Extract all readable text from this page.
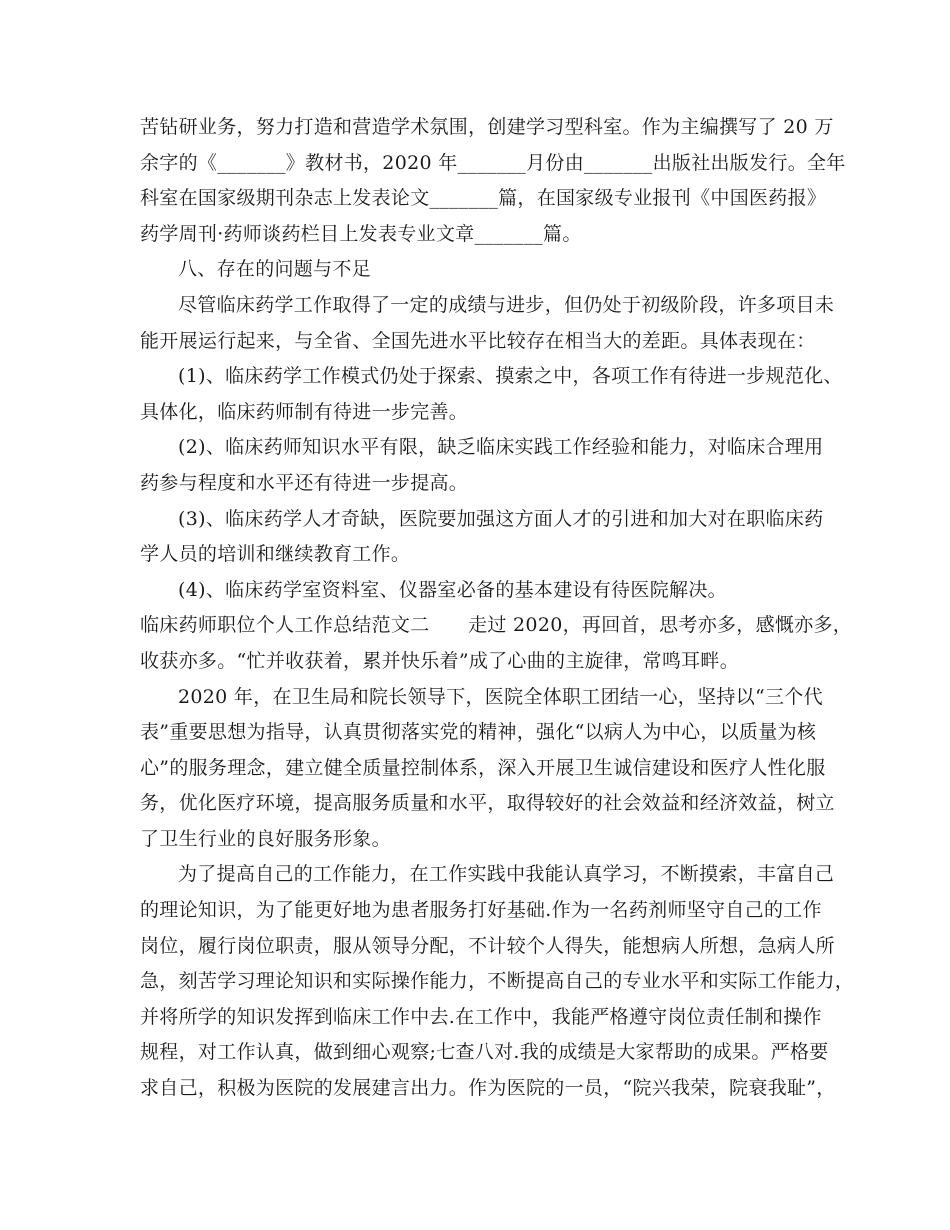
苦钻研业务，努力打造和营造学术氛围，创建学习型科室。作为主编撰写了 20 万
余字的《_______》教材书，2020 年_______月份由_______出版社出版发行。全年
科室在国家级期刊杂志上发表论文_______篇，在国家级专业报刊《中国医药报》
药学周刊·药师谈药栏目上发表专业文章_______篇。
八、存在的问题与不足
尽管临床药学工作取得了一定的成绩与进步，但仍处于初级阶段，许多项目未
能开展运行起来，与全省、全国先进水平比较存在相当大的差距。具体表现在：
(1)、临床药学工作模式仍处于探索、摸索之中，各项工作有待进一步规范化、
具体化，临床药师制有待进一步完善。
(2)、临床药师知识水平有限，缺乏临床实践工作经验和能力，对临床合理用
药参与程度和水平还有待进一步提高。
(3)、临床药学人才奇缺，医院要加强这方面人才的引进和加大对在职临床药
学人员的培训和继续教育工作。
(4)、临床药学室资料室、仪器室必备的基本建设有待医院解决。
临床药师职位个人工作总结范文二　　走过 2020，再回首，思考亦多，感慨亦多，
收获亦多。“忙并收获着，累并快乐着”成了心曲的主旋律，常鸣耳畔。
2020 年，在卫生局和院长领导下，医院全体职工团结一心，坚持以“三个代
表”重要思想为指导，认真贯彻落实党的精神，强化“以病人为中心，以质量为核
心”的服务理念，建立健全质量控制体系，深入开展卫生诚信建设和医疗人性化服
务，优化医疗环境，提高服务质量和水平，取得较好的社会效益和经济效益，树立
了卫生行业的良好服务形象。
为了提高自己的工作能力，在工作实践中我能认真学习，不断摸索，丰富自己
的理论知识，为了能更好地为患者服务打好基础.作为一名药剂师坚守自己的工作
岗位，履行岗位职责，服从领导分配，不计较个人得失，能想病人所想，急病人所
急，刻苦学习理论知识和实际操作能力，不断提高自己的专业水平和实际工作能力，
并将所学的知识发挥到临床工作中去.在工作中，我能严格遵守岗位责任制和操作
规程，对工作认真，做到细心观察;七查八对.我的成绩是大家帮助的成果。严格要
求自己，积极为医院的发展建言出力。作为医院的一员，“院兴我荣，院衰我耻”，
